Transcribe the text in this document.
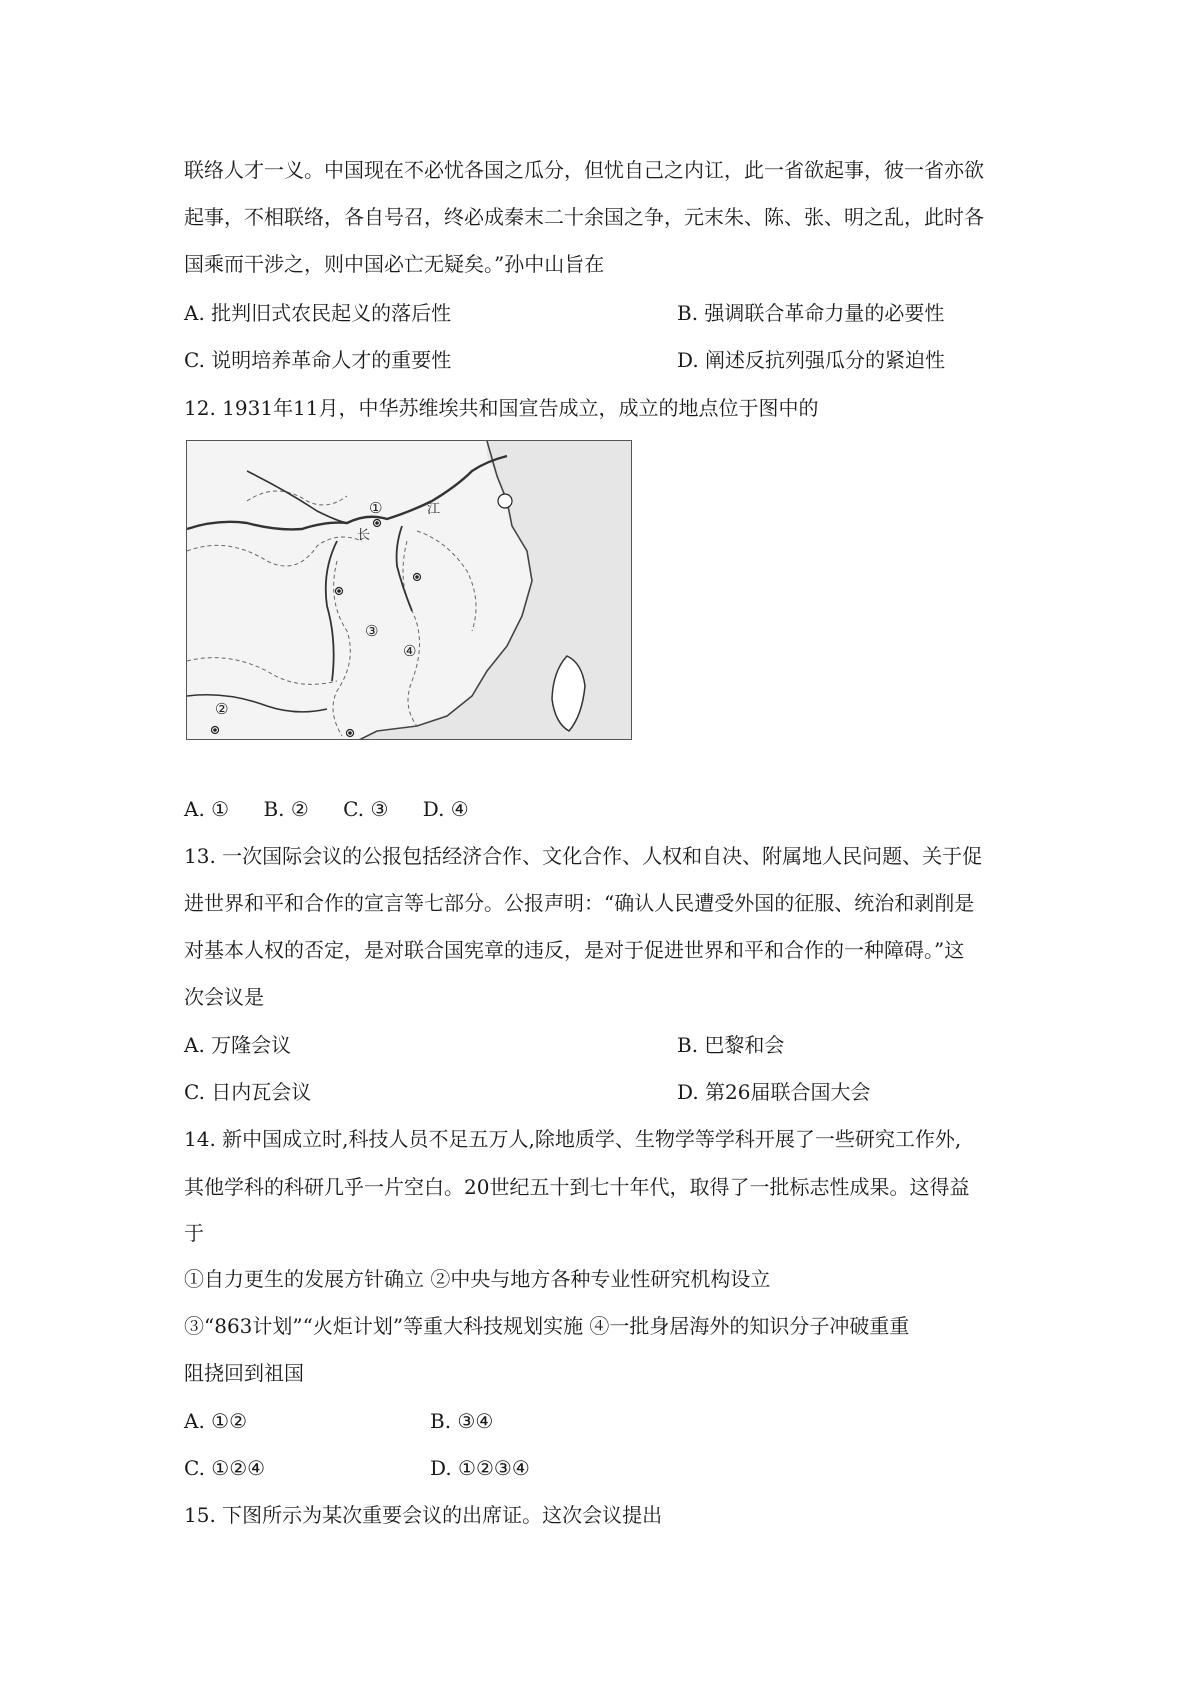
联络人才一义。中国现在不必忧各国之瓜分，但忧自己之内讧，此一省欲起事，彼一省亦欲
起事，不相联络，各自号召，终必成秦末二十余国之争，元末朱、陈、张、明之乱，此时各
国乘而干涉之，则中国必亡无疑矣。”孙中山旨在
A. 批判旧式农民起义的落后性	B. 强调联合革命力量的必要性
C. 说明培养革命人才的重要性	D. 阐述反抗列强瓜分的紧迫性
12. 1931年11月，中华苏维埃共和国宣告成立，成立的地点位于图中的
①
②
③
④
江
长
A. ① B. ② C. ③ D. ④
13. 一次国际会议的公报包括经济合作、文化合作、人权和自决、附属地人民问题、关于促
进世界和平和合作的宣言等七部分。公报声明：“确认人民遭受外国的征服、统治和剥削是
对基本人权的否定，是对联合国宪章的违反，是对于促进世界和平和合作的一种障碍。”这
次会议是
A. 万隆会议	B. 巴黎和会
C. 日内瓦会议	D. 第26届联合国大会
14. 新中国成立时,科技人员不足五万人,除地质学、生物学等学科开展了一些研究工作外,
其他学科的科研几乎一片空白。20世纪五十到七十年代，取得了一批标志性成果。这得益
于
①自力更生的发展方针确立 ②中央与地方各种专业性研究机构设立
③“863计划”“火炬计划”等重大科技规划实施 ④一批身居海外的知识分子冲破重重
阻挠回到祖国
A. ①②	B. ③④
C. ①②④	D. ①②③④
15. 下图所示为某次重要会议的出席证。这次会议提出
